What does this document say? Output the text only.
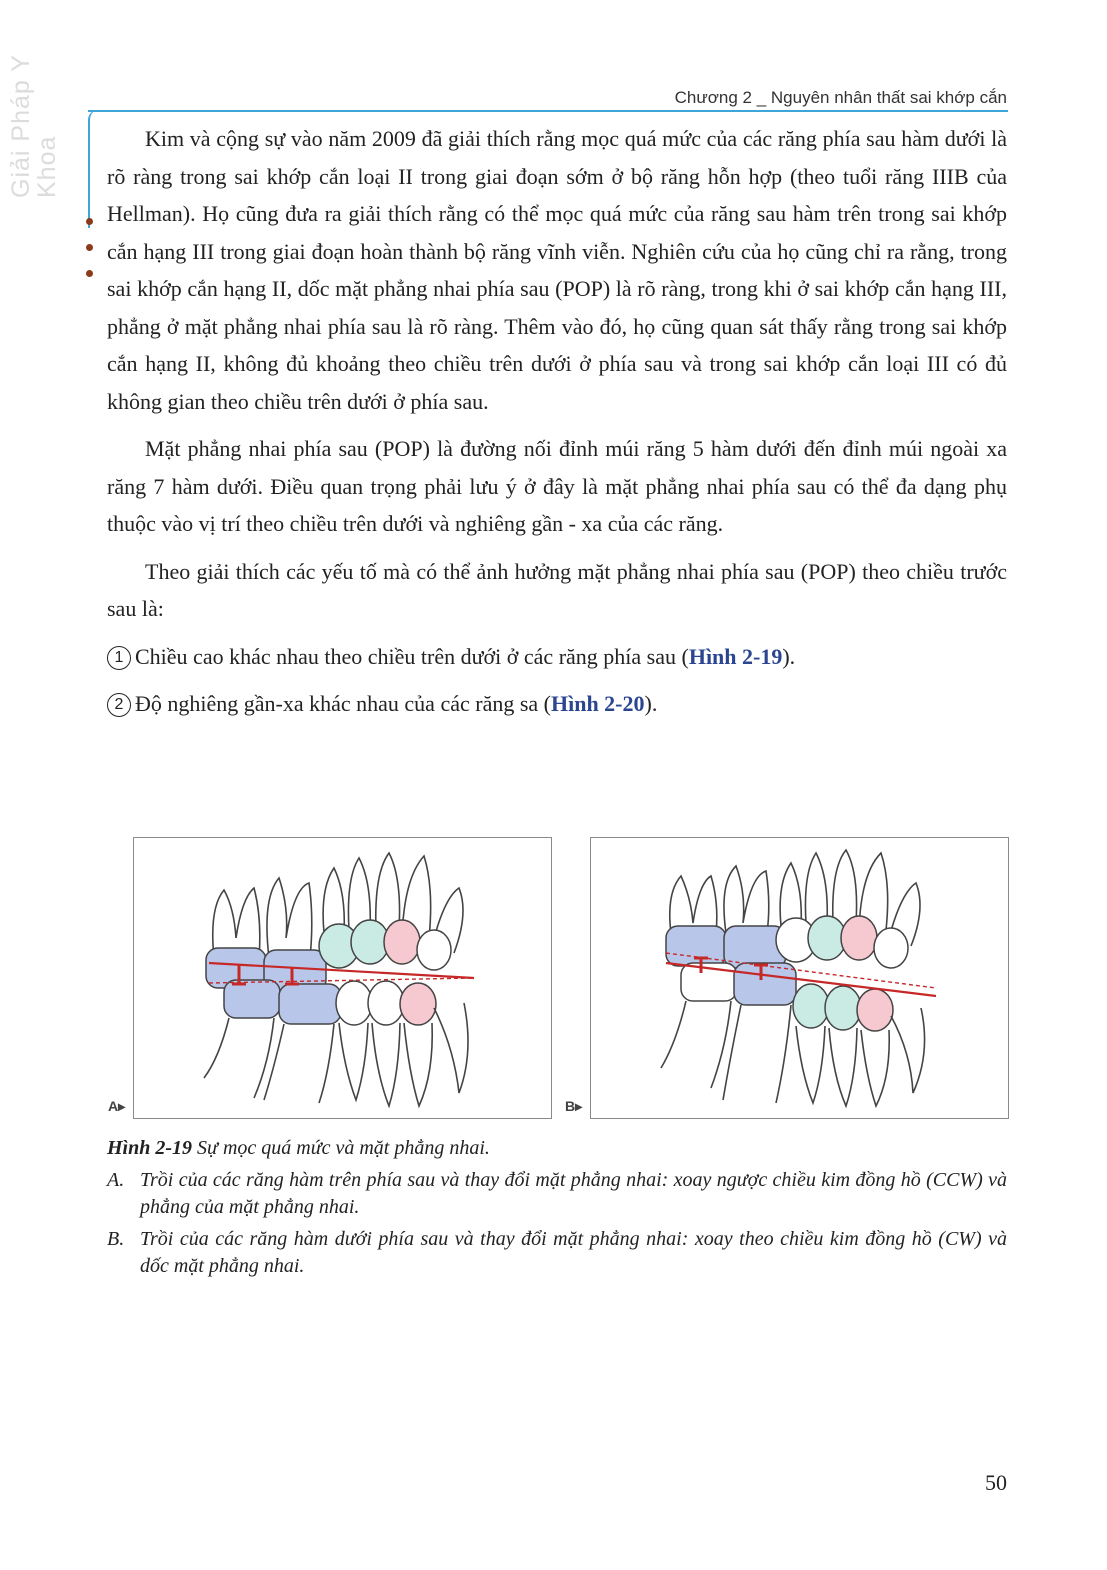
Giải Pháp Y Khoa
Chương 2 _ Nguyên nhân thất sai khớp cắn

Kim và cộng sự vào năm 2009 đã giải thích rằng mọc quá mức của các răng phía sau hàm dưới là rõ ràng trong sai khớp cắn loại II trong giai đoạn sớm ở bộ răng hỗn hợp (theo tuổi răng IIIB của Hellman). Họ cũng đưa ra giải thích rằng có thể mọc quá mức của răng sau hàm trên trong sai khớp cắn hạng III trong giai đoạn hoàn thành bộ răng vĩnh viễn. Nghiên cứu của họ cũng chỉ ra rằng, trong sai khớp cắn hạng II, dốc mặt phẳng nhai phía sau (POP) là rõ ràng, trong khi ở sai khớp cắn hạng III, phẳng ở mặt phẳng nhai phía sau là rõ ràng. Thêm vào đó, họ cũng quan sát thấy rằng trong sai khớp cắn hạng II, không đủ khoảng theo chiều trên dưới ở phía sau và trong sai khớp cắn loại III có đủ không gian theo chiều trên dưới ở phía sau.

Mặt phẳng nhai phía sau (POP) là đường nối đỉnh múi răng 5 hàm dưới đến đỉnh múi ngoài xa răng 7 hàm dưới. Điều quan trọng phải lưu ý ở đây là mặt phẳng nhai phía sau có thể đa dạng phụ thuộc vào vị trí theo chiều trên dưới và nghiêng gần - xa của các răng.

Theo giải thích các yếu tố mà có thể ảnh hưởng mặt phẳng nhai phía sau (POP) theo chiều trước sau là:

1 Chiều cao khác nhau theo chiều trên dưới ở các răng phía sau (Hình 2-19).

2 Độ nghiêng gần-xa khác nhau của các răng sa (Hình 2-20).

A▸	B▸
Hình 2-19 Sự mọc quá mức và mặt phẳng nhai.
A. Trồi của các răng hàm trên phía sau và thay đổi mặt phẳng nhai: xoay ngược chiều kim đồng hồ (CCW) và phẳng của mặt phẳng nhai.
B. Trồi của các răng hàm dưới phía sau và thay đổi mặt phẳng nhai: xoay theo chiều kim đồng hồ (CW) và dốc mặt phẳng nhai.
50
